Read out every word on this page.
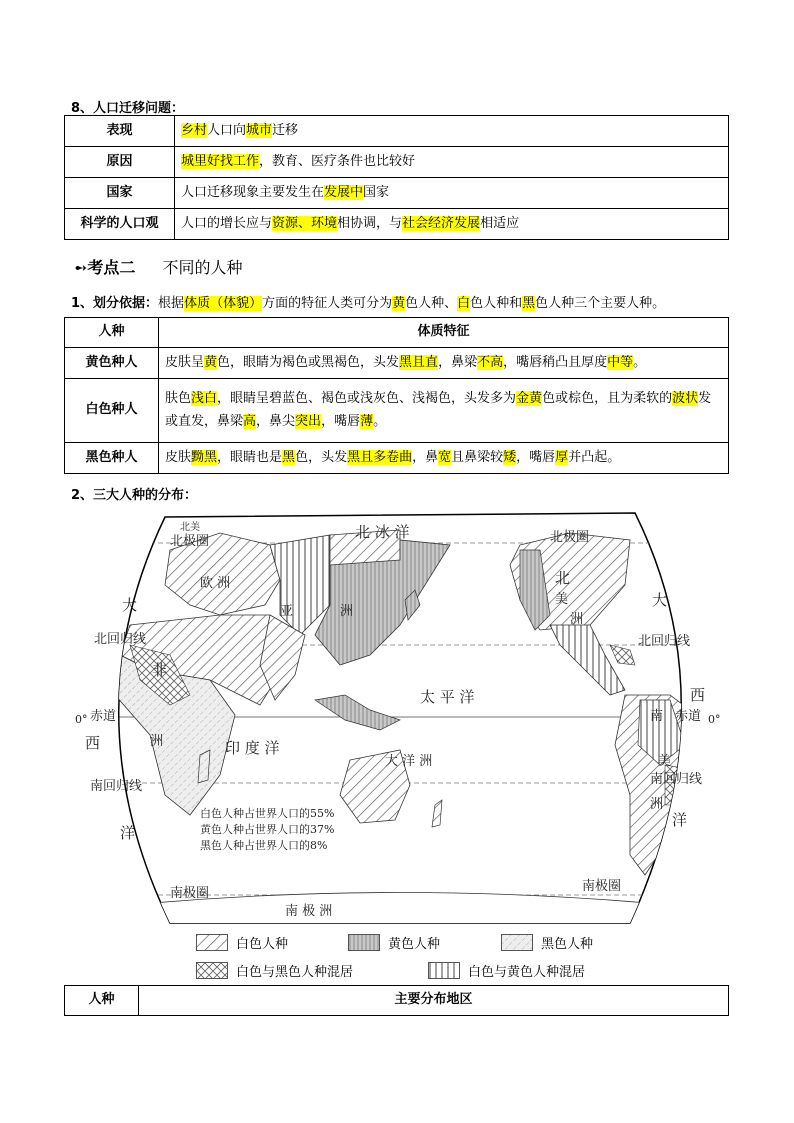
8、人口迁移问题：
表现	乡村人口向城市迁移
原因	城里好找工作，教育、医疗条件也比较好
国家	人口迁移现象主要发生在发展中国家
科学的人口观	人口的增长应与资源、环境相协调，与社会经济发展相适应
➻考点二 不同的人种
1、划分依据：根据体质（体貌）方面的特征人类可分为黄色人种、白色人种和黑色人种三个主要人种。
人种	体质特征
黄色种人	皮肤呈黄色，眼睛为褐色或黑褐色，头发黑且直，鼻梁不高，嘴唇稍凸且厚度中等。
白色种人	肤色浅白，眼睛呈碧蓝色、褐色或浅灰色、浅褐色，头发多为金黄色或棕色，且为柔软的波状发或直发，鼻梁高，鼻尖突出，嘴唇薄。
黑色种人	皮肤黝黑，眼睛也是黑色，头发黑且多卷曲，鼻宽且鼻梁较矮，嘴唇厚并凸起。
2、三大人种的分布：
北极圈	北极圈
北美	北 冰 洋
欧 洲
亚	洲
北
美
洲
大	大
北回归线	北回归线
非
洲
太 平 洋
赤道	赤道
0°	0°
西
西
印 度 洋
大 洋 洲
南
美
洲
南回归线	南回归线
洋
洋
南极圈	南极圈
南 极 洲
白色人种占世界人口的55%
黄色人种占世界人口的37%
黑色人种占世界人口的8%
白色人种	黄色人种	黑色人种
白色与黑色人种混居	白色与黄色人种混居
人种	主要分布地区
